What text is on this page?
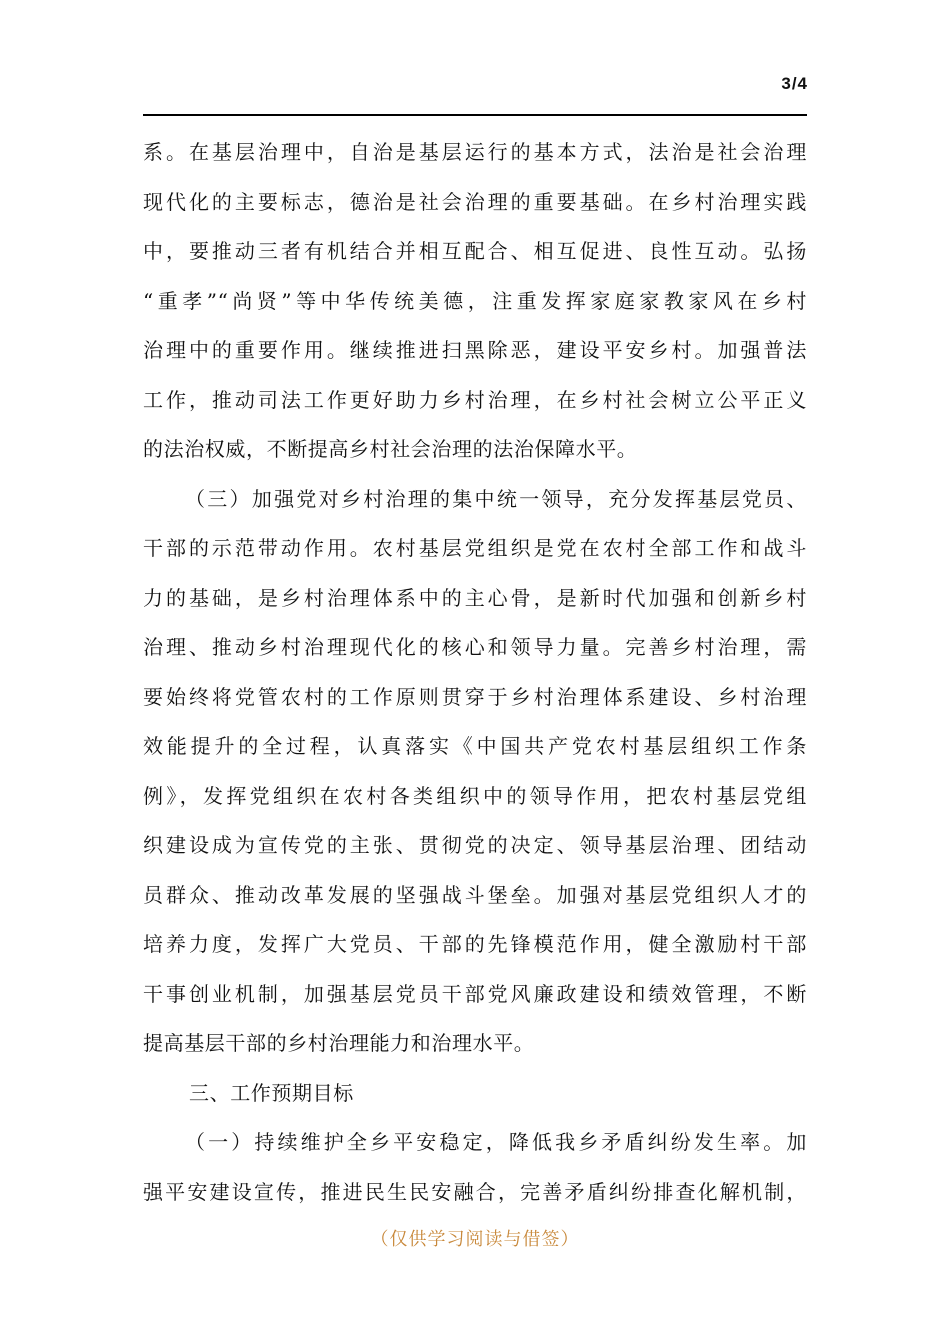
3/4
系。在基层治理中，自治是基层运行的基本方式，法治是社会治理
现代化的主要标志，德治是社会治理的重要基础。在乡村治理实践
中，要推动三者有机结合并相互配合、相互促进、良性互动。弘扬
“重孝”“尚贤”等中华传统美德，注重发挥家庭家教家风在乡村
治理中的重要作用。继续推进扫黑除恶，建设平安乡村。加强普法
工作，推动司法工作更好助力乡村治理，在乡村社会树立公平正义
的法治权威，不断提高乡村社会治理的法治保障水平。
（三）加强党对乡村治理的集中统一领导，充分发挥基层党员、
干部的示范带动作用。农村基层党组织是党在农村全部工作和战斗
力的基础，是乡村治理体系中的主心骨，是新时代加强和创新乡村
治理、推动乡村治理现代化的核心和领导力量。完善乡村治理，需
要始终将党管农村的工作原则贯穿于乡村治理体系建设、乡村治理
效能提升的全过程，认真落实《中国共产党农村基层组织工作条
例》，发挥党组织在农村各类组织中的领导作用，把农村基层党组
织建设成为宣传党的主张、贯彻党的决定、领导基层治理、团结动
员群众、推动改革发展的坚强战斗堡垒。加强对基层党组织人才的
培养力度，发挥广大党员、干部的先锋模范作用，健全激励村干部
干事创业机制，加强基层党员干部党风廉政建设和绩效管理，不断
提高基层干部的乡村治理能力和治理水平。
三、工作预期目标
（一）持续维护全乡平安稳定，降低我乡矛盾纠纷发生率。加
强平安建设宣传，推进民生民安融合，完善矛盾纠纷排查化解机制，
（仅供学习阅读与借签）
